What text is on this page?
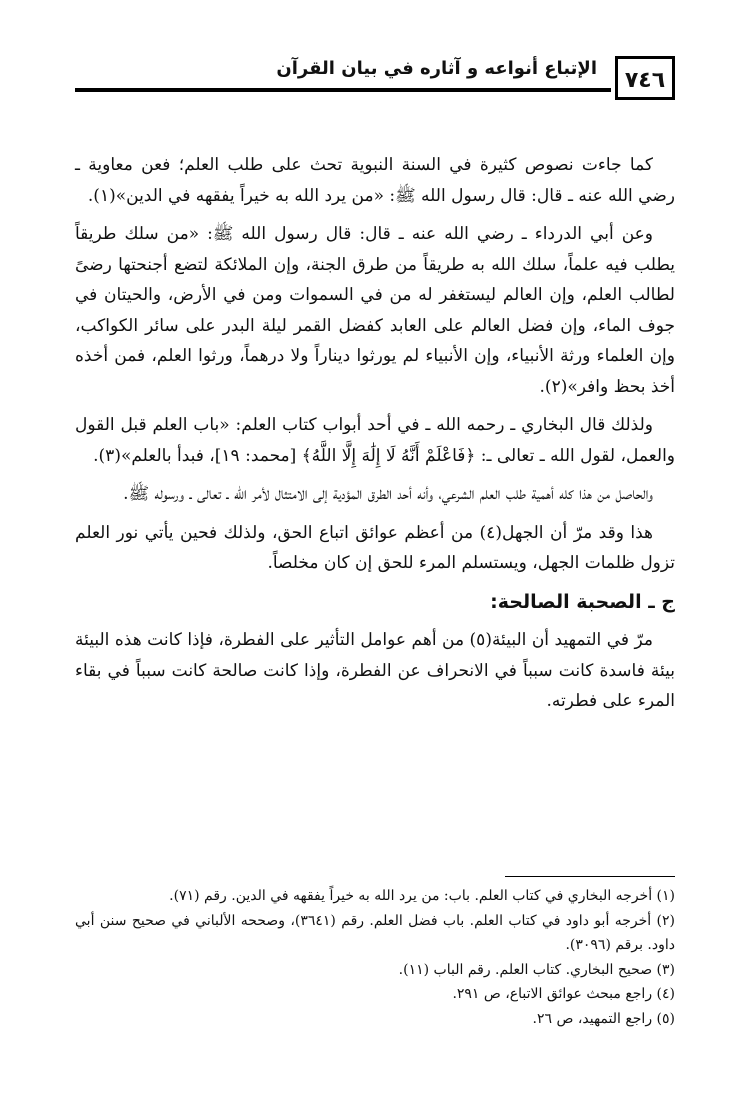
٧٤٦
الإتباع أنواعه و آثاره في بيان القرآن

كما جاءت نصوص كثيرة في السنة النبوية تحث على طلب العلم؛ فعن معاوية ـ رضي الله عنه ـ قال: قال رسول الله ﷺ: «من يرد الله به خيراً يفقهه في الدين»(١).

وعن أبي الدرداء ـ رضي الله عنه ـ قال: قال رسول الله ﷺ: «من سلك طريقاً يطلب فيه علماً، سلك الله به طريقاً من طرق الجنة، وإن الملائكة لتضع أجنحتها رضىً لطالب العلم، وإن العالم ليستغفر له من في السموات ومن في الأرض، والحيتان في جوف الماء، وإن فضل العالم على العابد كفضل القمر ليلة البدر على سائر الكواكب، وإن العلماء ورثة الأنبياء، وإن الأنبياء لم يورثوا ديناراً ولا درهماً، ورثوا العلم، فمن أخذه أخذ بحظ وافر»(٢).

ولذلك قال البخاري ـ رحمه الله ـ في أحد أبواب كتاب العلم: «باب العلم قبل القول والعمل، لقول الله ـ تعالى ـ: ﴿فَاعْلَمْ أَنَّهُ لَا إِلَٰهَ إِلَّا اللَّهُ﴾ [محمد: ١٩]، فبدأ بالعلم»(٣).

والحاصل من هذا كله أهمية طلب العلم الشرعي، وأنه أحد الطرق المؤدية إلى الامتثال لأمر الله ـ تعالى ـ ورسوله ﷺ.

هذا وقد مرّ أن الجهل(٤) من أعظم عوائق اتباع الحق، ولذلك فحين يأتي نور العلم تزول ظلمات الجهل، ويستسلم المرء للحق إن كان مخلصاً.

ج ـ الصحبة الصالحة:

مرّ في التمهيد أن البيئة(٥) من أهم عوامل التأثير على الفطرة، فإذا كانت هذه البيئة بيئة فاسدة كانت سبباً في الانحراف عن الفطرة، وإذا كانت صالحة كانت سبباً في بقاء المرء على فطرته.

(١) أخرجه البخاري في كتاب العلم. باب: من يرد الله به خيراً يفقهه في الدين. رقم (٧١).

(٢) أخرجه أبو داود في كتاب العلم. باب فضل العلم. رقم (٣٦٤١)، وصححه الألباني في صحيح سنن أبي داود. برقم (٣٠٩٦).

(٣) صحيح البخاري. كتاب العلم. رقم الباب (١١).

(٤) راجع مبحث عوائق الاتباع، ص ٢٩١.

(٥) راجع التمهيد، ص ٢٦.
